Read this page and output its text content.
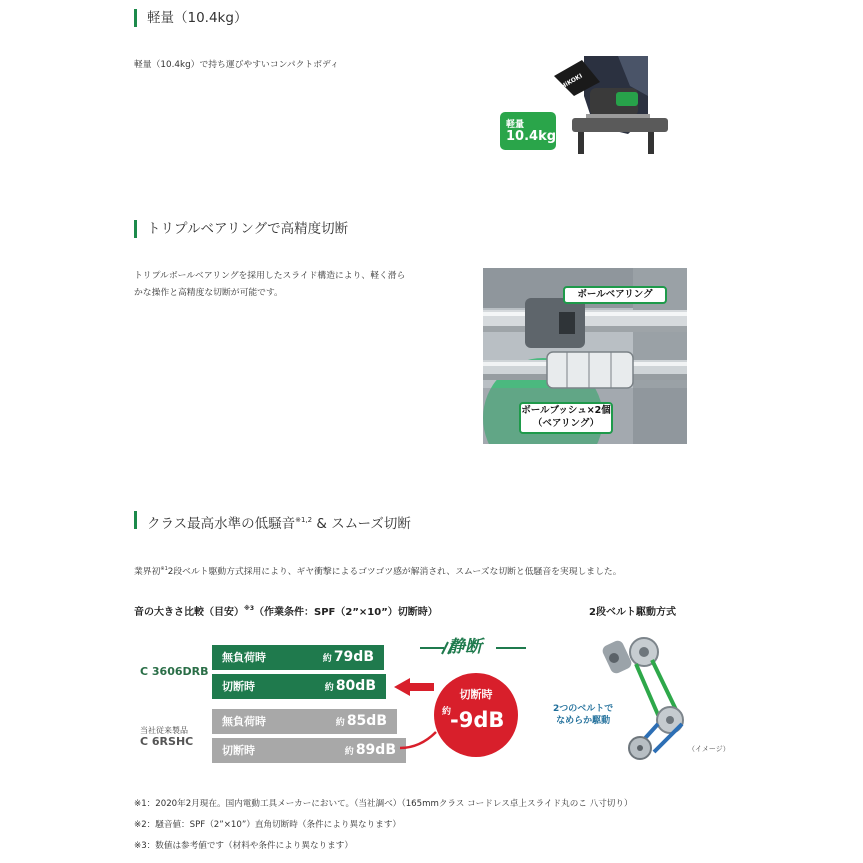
軽量（10.4kg）
軽量（10.4kg）で持ち運びやすいコンパクトボディ
HiKOKI
軽量
10.4kg
トリプルベアリングで高精度切断
トリプルボールベアリングを採用したスライド構造により、軽く滑ら
かな操作と高精度な切断が可能です。	ボールベアリング
ボールブッシュ×2個
（ベアリング）
クラス最高水準の低騒音$^{※1,2}$ & スムーズ切断
業界初$^{※1}$2段ベルト駆動方式採用により、ギヤ衝撃によるゴツゴツ感が解消され、スムーズな切断と低騒音を実現しました。
音の大きさ比較（目安）$^{※3}$（作業条件：SPF（2”×10”）切断時）	2段ベルト駆動方式
C 3606DRB
当社従来製品
C 6RSHC
無負荷時	約 79dB
切断時	約 80dB
無負荷時	約 85dB
切断時	約 89dB
静断
切断時
約
-9dB	2つのベルトで
なめらか駆動
（イメージ）
※1：2020年2月現在。国内電動工具メーカーにおいて。（当社調べ）（165mmクラス コードレス卓上スライド丸のこ 八寸切り）
※2：騒音値：SPF（2”×10”）直角切断時（条件により異なります）
※3：数値は参考値です（材料や条件により異なります）
